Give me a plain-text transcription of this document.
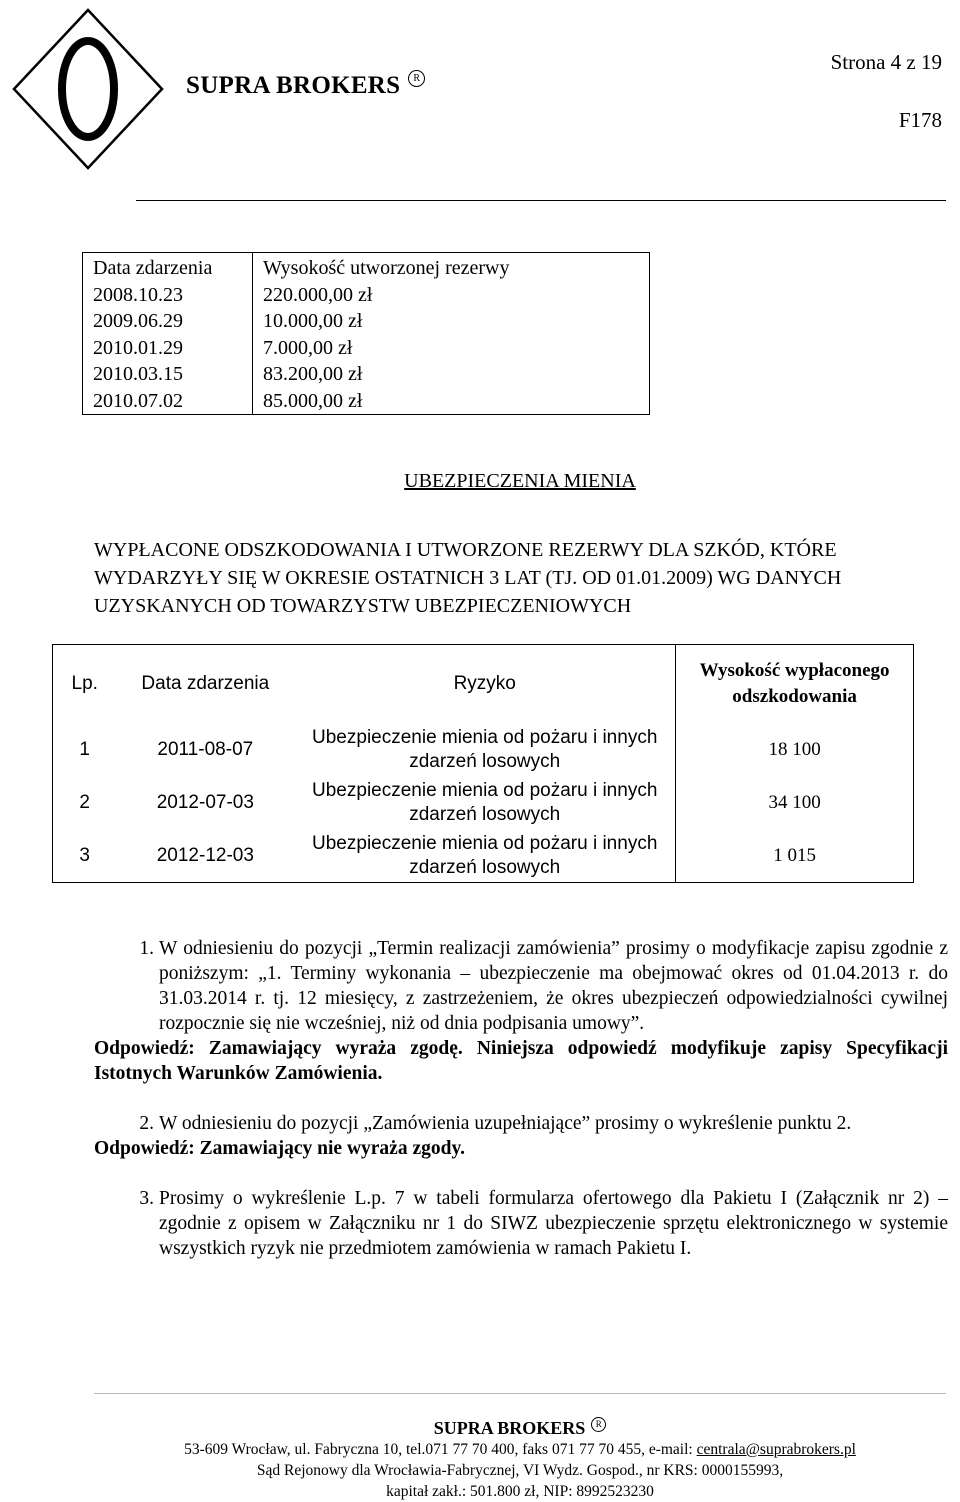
SUPRA BROKERS R
Strona 4 z 19
F178
Data zdarzenia	Wysokość utworzonej rezerwy
2008.10.23	220.000,00 zł
2009.06.29	10.000,00 zł
2010.01.29	7.000,00 zł
2010.03.15	83.200,00 zł
2010.07.02	85.000,00 zł
UBEZPIECZENIA MIENIA
WYPŁACONE ODSZKODOWANIA I UTWORZONE REZERWY DLA SZKÓD, KTÓRE WYDARZYŁY SIĘ W OKRESIE OSTATNICH 3 LAT (TJ. OD 01.01.2009) WG DANYCH UZYSKANYCH OD TOWARZYSTW UBEZPIECZENIOWYCH
Lp.	Data zdarzenia	Ryzyko	Wysokość wypłaconego odszkodowania
1	2011-08-07	Ubezpieczenie mienia od pożaru i innych zdarzeń losowych	18 100
2	2012-07-03	Ubezpieczenie mienia od pożaru i innych zdarzeń losowych	34 100
3	2012-12-03	Ubezpieczenie mienia od pożaru i innych zdarzeń losowych	1 015
1. W odniesieniu do pozycji „Termin realizacji zamówienia” prosimy o modyfikacje zapisu zgodnie z poniższym: „1. Terminy wykonania – ubezpieczenie ma obejmować okres od 01.04.2013 r. do 31.03.2014 r. tj. 12 miesięcy, z zastrzeżeniem, że okres ubezpieczeń odpowiedzialności cywilnej rozpocznie się nie wcześniej, niż od dnia podpisania umowy”.
Odpowiedź: Zamawiający wyraża zgodę. Niniejsza odpowiedź modyfikuje zapisy Specyfikacji Istotnych Warunków Zamówienia.
2. W odniesieniu do pozycji „Zamówienia uzupełniające” prosimy o wykreślenie punktu 2.
Odpowiedź: Zamawiający nie wyraża zgody.
3. Prosimy o wykreślenie L.p. 7 w tabeli formularza ofertowego dla Pakietu I (Załącznik nr 2) – zgodnie z opisem w Załączniku nr 1 do SIWZ ubezpieczenie sprzętu elektronicznego w systemie wszystkich ryzyk nie przedmiotem zamówienia w ramach Pakietu I.
SUPRA BROKERS R
53-609 Wrocław, ul. Fabryczna 10, tel.071 77 70 400, faks 071 77 70 455, e-mail: centrala@suprabrokers.pl
Sąd Rejonowy dla Wrocławia-Fabrycznej, VI Wydz. Gospod., nr KRS: 0000155993,
kapitał zakł.: 501.800 zł, NIP: 8992523230
